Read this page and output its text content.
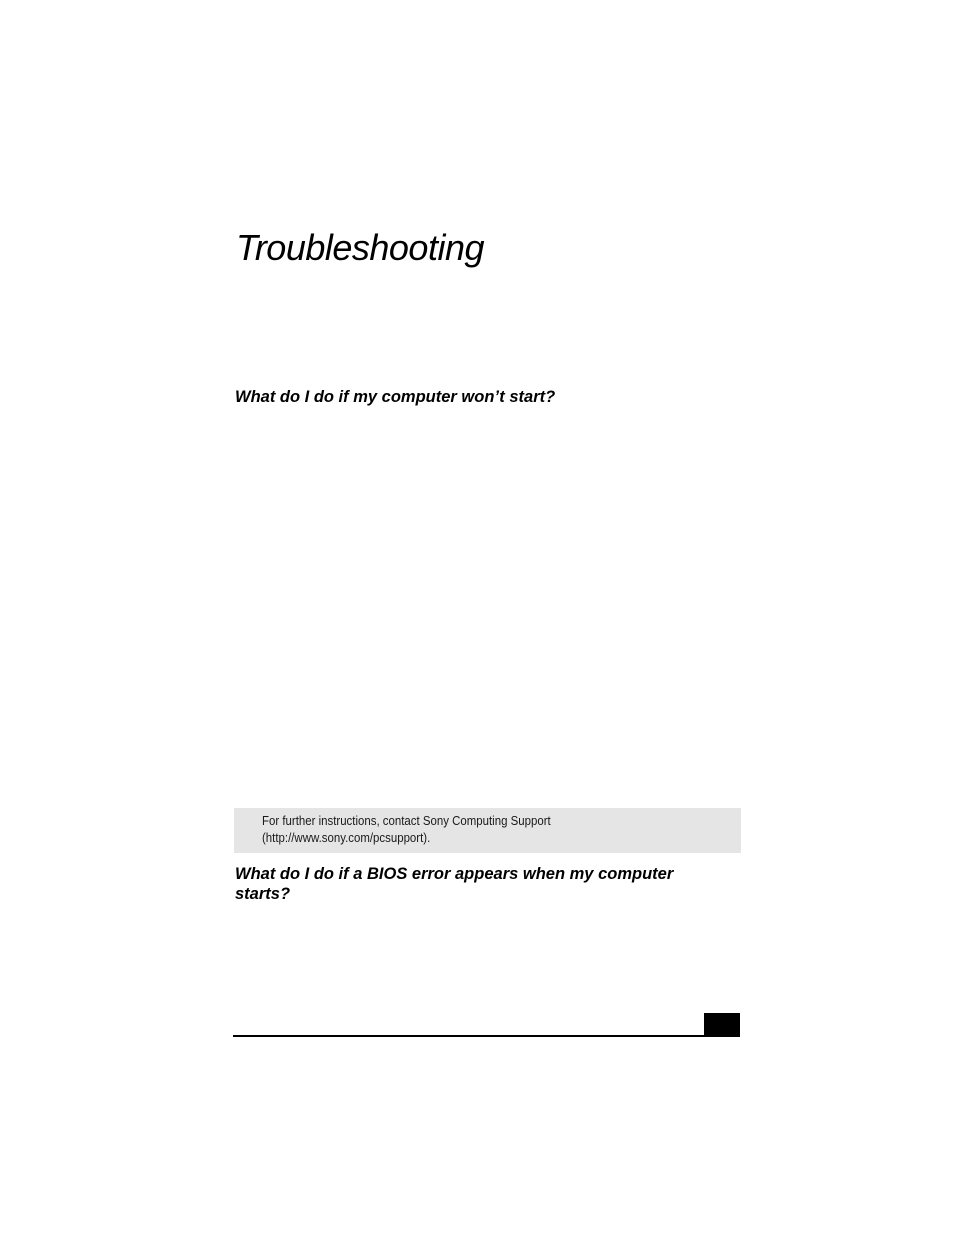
Troubleshooting
What do I do if my computer won’t start?
For further instructions, contact Sony Computing Support
(http://www.sony.com/pcsupport).
What do I do if a BIOS error appears when my computer starts?
